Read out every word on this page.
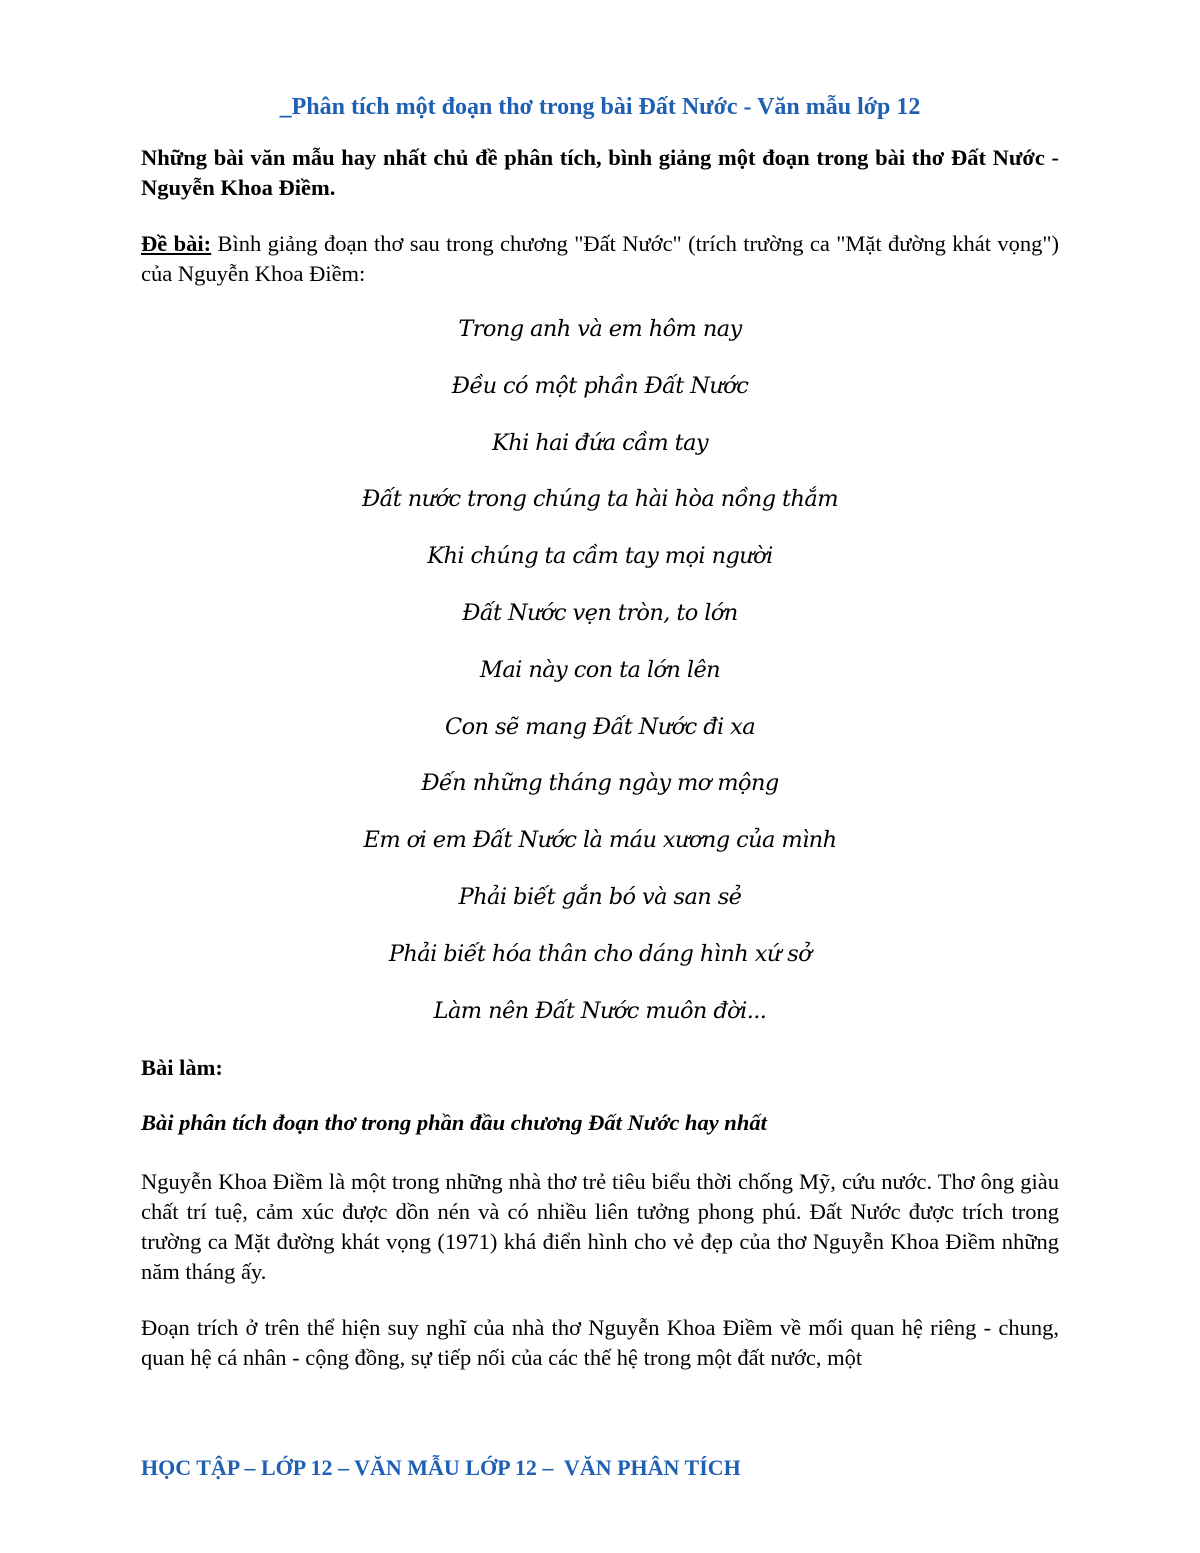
_Phân tích một đoạn thơ trong bài Đất Nước - Văn mẫu lớp 12

Những bài văn mẫu hay nhất chủ đề phân tích, bình giảng một đoạn trong bài thơ Đất Nước - Nguyễn Khoa Điềm.

Đề bài: Bình giảng đoạn thơ sau trong chương "Đất Nước" (trích trường ca "Mặt đường khát vọng") của Nguyễn Khoa Điềm:

Trong anh và em hôm nay
Đều có một phần Đất Nước
Khi hai đứa cầm tay
Đất nước trong chúng ta hài hòa nồng thắm
Khi chúng ta cầm tay mọi người
Đất Nước vẹn tròn, to lớn
Mai này con ta lớn lên
Con sẽ mang Đất Nước đi xa
Đến những tháng ngày mơ mộng
Em ơi em Đất Nước là máu xương của mình
Phải biết gắn bó và san sẻ
Phải biết hóa thân cho dáng hình xứ sở
Làm nên Đất Nước muôn đời...

Bài làm:

Bài phân tích đoạn thơ trong phần đầu chương Đất Nước hay nhất

Nguyễn Khoa Điềm là một trong những nhà thơ trẻ tiêu biểu thời chống Mỹ, cứu nước. Thơ ông giàu chất trí tuệ, cảm xúc được dồn nén và có nhiều liên tưởng phong phú. Đất Nước được trích trong trường ca Mặt đường khát vọng (1971) khá điển hình cho vẻ đẹp của thơ Nguyễn Khoa Điềm những năm tháng ấy.

Đoạn trích ở trên thể hiện suy nghĩ của nhà thơ Nguyễn Khoa Điềm về mối quan hệ riêng - chung, quan hệ cá nhân - cộng đồng, sự tiếp nối của các thế hệ trong một đất nước, một

HỌC TẬP – LỚP 12 – VĂN MẪU LỚP 12 –  VĂN PHÂN TÍCH
